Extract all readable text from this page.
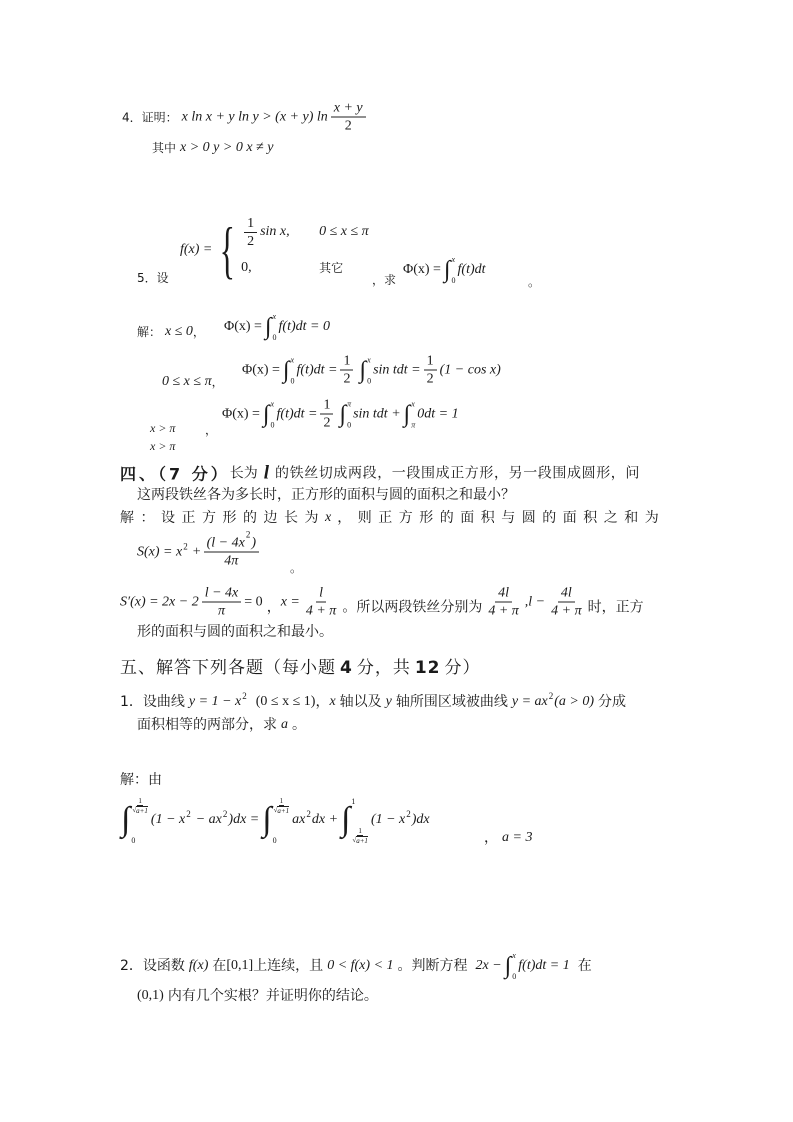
4．证明： x ln x + y ln y > (x + y) $\ln \frac{x + y}{2}$
其中 x > 0 y > 0 x ≠ y
f(x) = { $\frac{1}{2}$ sin x, 0 ≤ x ≤ π
0,	其它
5．设	，求
Φ(x) = ∫ x
0
f(t)dt
。
解： x ≤ 0 ， Φ(x) = ∫ x
0
f(t)dt = 0
0 ≤ x ≤ π ，
Φ(x) = ∫ x
0
$f(t)dt = \frac{1}{2}$ ∫ x
0
sin tdt = $\frac{1}{2} (1 - \cos x)$
x > π ，
x > π
Φ(x) = ∫ x
0
$f(t)dt = \frac{1}{2}$ ∫ π
0
sin tdt + ∫ x
π
0dt = 1
四、（7 分） 长为 l 的铁丝切成两段，一段围成正方形，另一段围成圆形，问
这两段铁丝各为多长时，正方形的面积与圆的面积之和最小？
解：设正方形的边长为 x ，则正方形的面积与圆的面积之和为
S(x) = x 2 + (l − 4x
2
)
4π	。
$S'(x) = 2x - 2 \frac{l - 4x}{\pi} = 0$ ， $x = \frac{l}{4 + \pi}$ 。所以两段铁丝分别为 $\frac{4l}{4 + \pi} ,l - \frac{4l}{4 + \pi}$ 时，正方
形的面积与圆的面积之和最小。
五、解答下列各题（每小题 4 分，共 12 分）
1．设曲线 y = 1 − x 2 (0 ≤ x ≤ 1) ， x 轴以及 y 轴所围区域被曲线 y = ax 2 (a > 0) 分成
面积相等的两部分，求 a 。
解：由
∫ $\frac{1}{√ a+1}$
0
(1 − x 2 − ax 2 )dx = ∫ $\frac{1}{√ a+1}$
0
ax 2 dx + ∫ 1
$\frac{1}{√ a+1}$
(1 − x 2 )dx
， a = 3
2．设函数 f(x) 在 [0,1] 上连续，且 0 < f(x) < 1 。判断方程 2x − ∫ x
0
f(t)dt = 1 在
(0,1) 内有几个实根？并证明你的结论。
